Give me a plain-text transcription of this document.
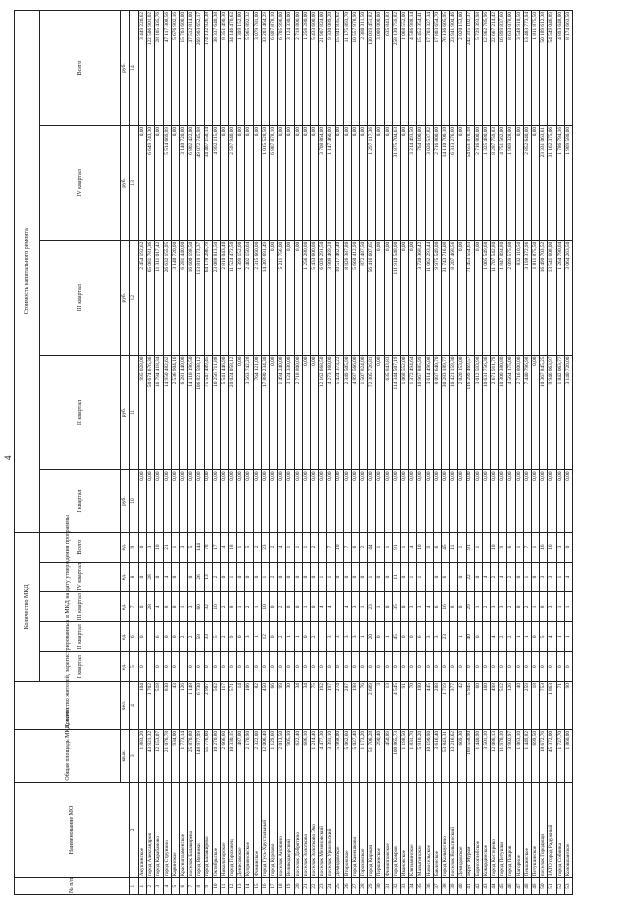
4
№ п/п	Наименование МО	Общая площадь МКД, всего	Количество жителей, зарегистрированных в МКД на дату утверждения программы	Количество МКД					Стоимость капитального ремонта				
				I квартал	II квартал	III квартал	IV квартал	Всего	I квартал	II квартал	III квартал	IV квартал	Всего
		кв.м.	чел.	ед.	ед.	ед.	ед.	ед.	руб.	руб.	руб.	руб.	руб.
1	2	3	4	5	6	7	8	9	10	11	12	13	14
1	Акушинское	1 883,20	104	0	0	0	0	0	0,00	995 028,00	2 454 192,62	0,00	3 449 220,62
2	город Александров	43 921,32	1 702			28	28	3	0,00	50 674 676,36	65 081 781,36	6 649 743,30	122 506 901,02
3	город Карабаново	12 153,07	518	0	6	4	0	10	0,00	16 794 418,34	11 311 017,42	0,00	28 105 435,76
4	город Струнино	21 076,78	830	0	0	8	4	21	0,00	14 950 482,62	26 632 155,95	5 514 669,99	47 117 308,56
5	Каринское	934,00	43	0	0	0	0	1	0,00	2 536 904,16	3 140 720,00	0,00	5 676 902,16
6	Краснопламенское	1 773,14	126		2	1		3	0,00	6 281 440,00	6 281 440,00	3 140 720,00	15 703 600,00
7	поселок Балакирево	25 870,80	1 148	0	2	3	0	5	0,00	14 110 196,50	16 600 198,50	6 802 422,00	37 512 814,00
8	город Вязники	148 977,99	6 730	0	58	60	26	144	0,00	106 821 598,12	113 819 173,37	49 072 745,98	269 903 652,17
9	город Балакирево	55 776,60	2 907	0	33	32	13	78	0,00	75 547 489,45	64 178 286,79	34 407 150,14	174 132 926,38
10	Октябрьское	10 270,80	562	0	5	10	2	17	0,00	10 256 711,88	23 088 813,50	4 992 115,00	38 337 640,38
11	Никологорское	2 666,60	117	0	2	2	0	4	0,00	5 541 446,90	2 810 043,40	0,00	8 351 490,30
12	город Гороховец	10 330,15	571	0	9	8	1	18	0,00	20 024 058,12	11 524 472,50	2 597 940,00	34 146 470,62
13	Денисовское	487,00	14	0	0	1	0	1	0,00	0,00	1 399 152,00	0,00	1 399 152,00
14	Куприяновское	2 170,90	106	0	3	2	0	5	0,00	3 563 742,28	2 402 150,04	0,00	5 965 892,32
15	Фоминское	2 322,00	82	0	1	1	0	2	0,00	764 121,00	2 315 660,00	0,00	3 079 781,00
16	город Гусь-Хрустальный	12 006,40	450	0	12	10	1	23	0,00	17 880 234,30	14 307 691,49	1 015 528,50	33 203 464,29
17	город Курлово	1 129,60	66	0	0	0	2	2	0,00	0,00	0,00	6 887 878,10	6 887 878,10
18	поселок Анопино	2 013,50	99	0	2	2	0	4	0,00	1 494 240,00	5 211 756,00	0,00	6 705 996,00
19	Великодворский	905,10	30	0	1	0	0	1	0,00	3 124 330,00	0,00	0,00	3 124 330,00
20	поселок Добрятино	622,40	34	0	1	0	0	1	0,00	2 718 800,00	0,00	0,00	2 718 800,00
21	поселок Золотково	686,10	34	0	0	1	0	1	0,00	0,00	1 256 280,00	0,00	1 256 280,00
22	поселок Золотково Эко	1 214,40	75	0	2	0	0	2	0,00	0,00	5 433 600,00	0,00	5 433 600,00
23	поселок Мезиновский	4 477,30	192	0		4	1		0,00	12 162 668,50	6 026 291,50	3 708 864,00	21 907 824,00
24	поселок Уршельский	3 391,10	197	0	3	4	1	7	0,00	4 273 160,00	3 909 469,20	1 147 460,00	9 330 089,20
25	Демидовское	5 968,00	274	0	3		0	10	0,00	5 424 373,22	10 517 462,40	0,00	15 941 835,62
26	Второвское	5 062,60	287	0	3	4	0	7	0,00	2 349 505,90	8 826 387,80	0,00	11 175 893,70
27	город Камешково	5 027,40	198	0	3	3	0	6	0,00	4 897 566,00	5 660 412,90	0,00	10 557 978,90
28	Гороховское	1 173,20	76	0	1	1	0	2	0,00	1 507 824,00	872 487,50	0,00	2 380 311,50
29	город Киржач	51 706,28	2 689	0	20	23	1	44	0,00	72 305 726,81	56 416 607,65	1 297 117,36	130 019 451,82
30	Першинское	290,40	3	0	0	1	0	1	0,00	0,00	0,00	0,00	3 000 000,00
31	Филипповское	450,89	13	0	1	0	0	1	0,00	635 843,83	0,00	0,00	635 843,83
32	город Ковров	100 865,73	4 545	0	45	35	11	91	0,00	114 344 507,19	111 910 548,00	31 875 704,63	258 130 759,82
33	Ивановское	1 198,50	91	0	0	0	0	1	0,00	1 068 552,00	0,00	0,00	1 068 552,00
34	Клязьминское	1 831,70	70	0	0	3	1	4	0,00	1 372 494,64	0,00	3 214 493,50	4 586 988,14
35	Малыгинское	5 910,20	190	0	6	3	1	10	0,00	10 967 885,99	3 720 368,42	764 100,00	15 452 354,41
36	Новосельское	10 190,90	445	0	3	4		9	0,00	3 614 496,08	11 062 293,44	3 026 537,82	17 703 327,34
37	Бавленское	3 616,40	288	0	3	6	0	6	0,00	8 097 640,70	9 975 549,00	2 716 800,00	17 803 654,70
38	город Кольчугино	53 843,31	1 719	0	23	16	6	45	0,00	30 283 189,77	31 743 716,08	14 110 700,10	76 136 605,95
39	поселок Вольгинский	13 216,62	377	0		8		11	0,00	10 421 159,30	8 207 468,56	6 313 276,60	23 941 904,46
40	Демидовское	669,30	42	0	1	0	0	1	0,00	2 020 153,00	0,00	0,00	2 020 153,00
41	округ Муром	169 558,90	5 945	0	40	29	22	91	0,00	116 299 469,57	71 453 554,63	54 651 878,18	242 315 102,37
42	Борисоглебское	1 440,90	60	0	0	1	0	1	0,00	3 012 593,98	0,00	2 716 800,00	5 729 393,98
43	Ковардинское	3 501,10	160	0		2	4		0,00	10 631 756,36	1 005 549,60	1 325 480,00	12 962 785,96
44	город Костерево	12 086,13	498	0	4	3	2	10	0,00	2 671 911,79	11 707 542,80	8 287 759,83	22 667 214,42
45	город Петушки	11 970,10	512	0	2	3	4	9	0,00	10 300 380,80	1 847 894,80	4 751 562,00	16 899 837,60
46	город Покров	3 902,97	126	0	2	2	2	6	0,00	4 564 175,00	2 099 575,00	1 969 328,00	8 633 078,00
47	Нагорное	1 063,10	40	0	1	0	0	1	0,00	2 716 800,00	832 110,50	0,00	3 548 910,50
48	Пекшинское	1 449,82	259	0	1	2	1	7	0,00	7 440 796,98	3 198 372,96	2 852 640,00	13 483 773,94
49	Петушинское	699,50	18	0	0	1	0	1	0,00	0,00	1 811 875,50	0,00	1 811 875,50
50	поселок Городищи	18 672,76	753	0	5	8	3	16	0,00	10 367 845,25	16 490 703,52	23 331 063,61	50 189 612,38
51	ЗАТО город Радужный	45 372,00	1 863	0	4	3	3	10	0,00	9 946 063,97	13 541 608,00	31 162 375,06	54 549 046,89
52	город Собинка	1 727,70	71	0	1	1	1	3	0,00	1 842 063,77	1 264 790,04	1 786 794,16	4 893 648,00
53	Колокшанское	1 860,00	90	0	1	1	4	0	0,00	3 140 720,00	3 064 263,50	1 969 580,00	8 174 663,50
